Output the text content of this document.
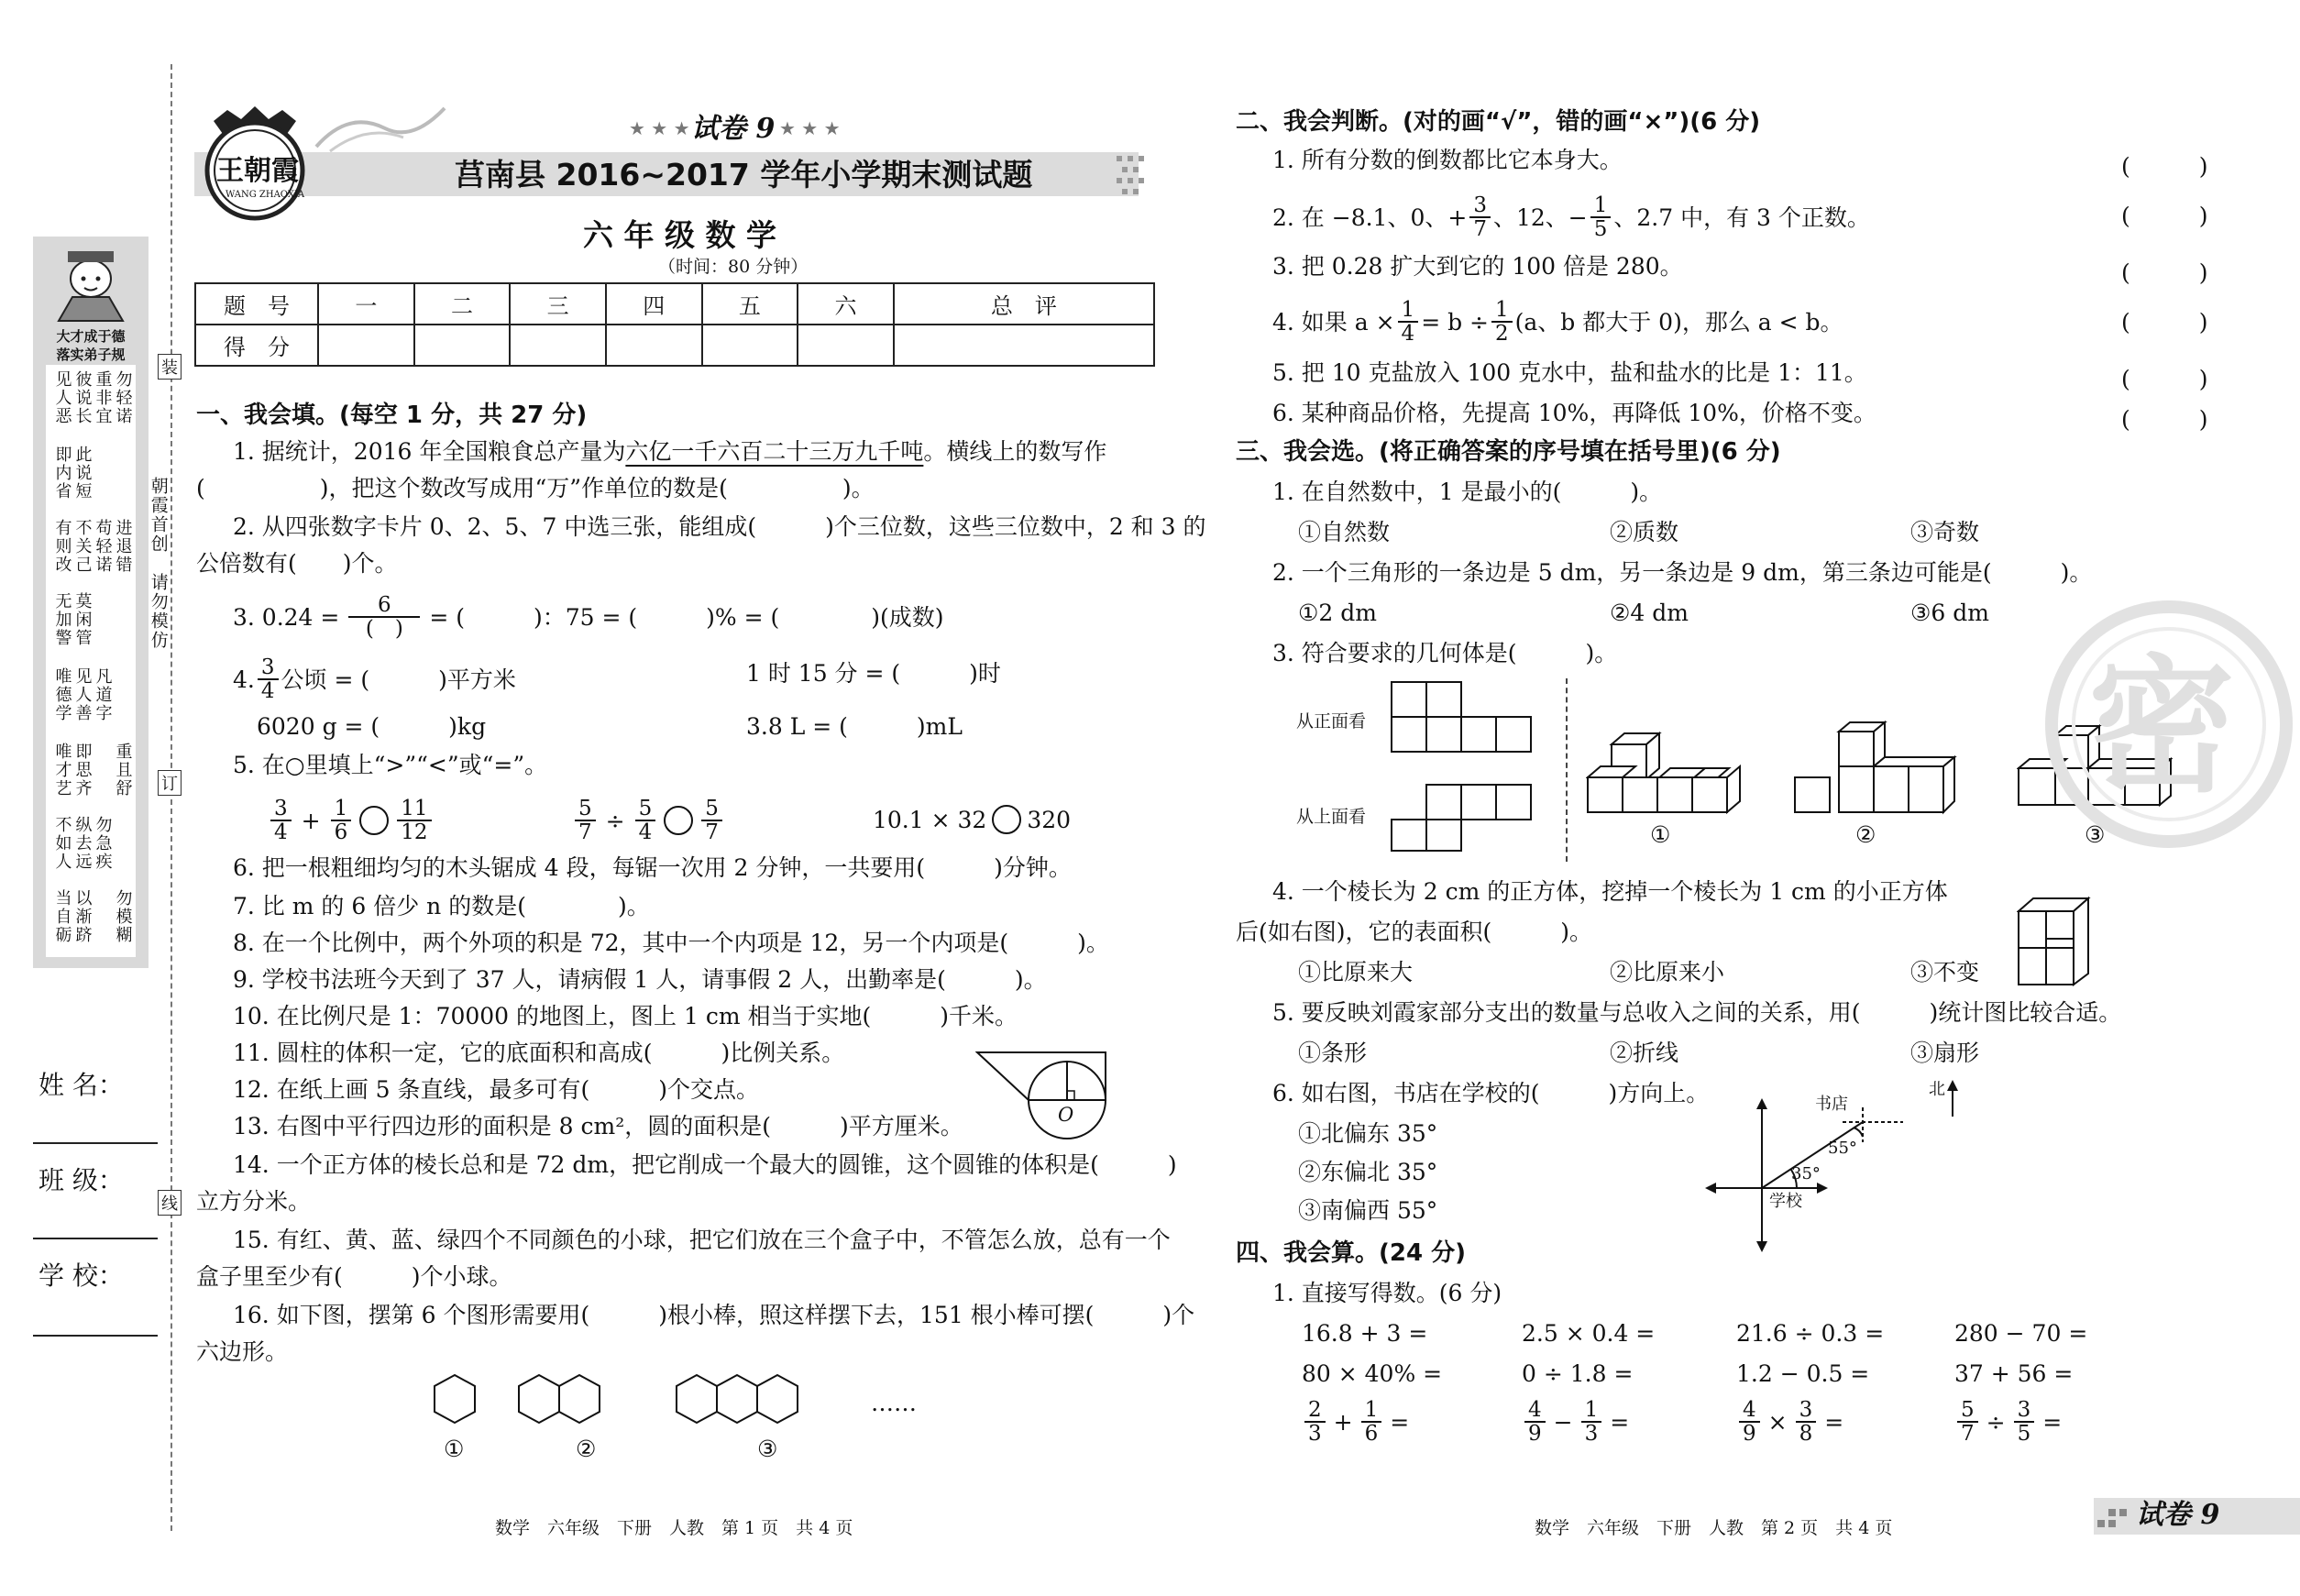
装
订
线
朝霞首创
请勿模仿
大才成于德
落实弟子规
见人恶 彼说长
即内省 此说短
有则改 不关己
无加警 莫闲管
唯德学 见人善
唯才艺 即思齐
不如人 纵去远
当自砺 以渐跻
重非宜 勿轻诺
苟轻诺 进退错
凡道字
重且舒
勿急疾
勿模糊
姓 名：
班 级：
学 校：
王朝霞
WANG ZHAOXIA
★ ★ ★ 试卷 9 ★ ★ ★
莒南县 2016~2017 学年小学期末测试题
六 年 级 数 学
（时间：80 分钟）
题　号	一	二	三	四	五	六	总　评
得　分							
一、我会填。(每空 1 分，共 27 分)
1. 据统计，2016 年全国粮食总产量为六亿一千六百二十三万九千吨。横线上的数写作
(　　　　　)，把这个数改写成用“万”作单位的数是(　　　　　)。
2. 从四张数字卡片 0、2、5、7 中选三张，能组成(　　　)个三位数，这些三位数中，2 和 3 的
公倍数有(　　)个。
3. $0.24 = \frac{6}{( )}$ = (　　　)：75 = (　　　)% = (　　　　)(成数)
4. $\frac{3}{4}$ 公顷 = (　　　)平方米	1 时 15 分 = (　　　)时
6020 g = (　　　)kg	3.8 L = (　　　)mL
5. 在○里填上“>”“<”或“=”。
$\frac{3}{4} + \frac{1}{6} \frac{11}{12}$	$\frac{5}{7} \div \frac{5}{4} \frac{5}{7}$	10.1 × 32 320
6. 把一根粗细均匀的木头锯成 4 段，每锯一次用 2 分钟，一共要用(　　　)分钟。
7. 比 m 的 6 倍少 n 的数是(　　　　)。
8. 在一个比例中，两个外项的积是 72，其中一个内项是 12，另一个内项是(　　　)。
9. 学校书法班今天到了 37 人，请病假 1 人，请事假 2 人，出勤率是(　　　)。
10. 在比例尺是 1：70000 的地图上，图上 1 cm 相当于实地(　　　)千米。
11. 圆柱的体积一定，它的底面积和高成(　　　)比例关系。
12. 在纸上画 5 条直线，最多可有(　　　)个交点。
13. 右图中平行四边形的面积是 8 cm²，圆的面积是(　　　)平方厘米。	O
14. 一个正方体的棱长总和是 72 dm，把它削成一个最大的圆锥，这个圆锥的体积是(　　　)
立方分米。
15. 有红、黄、蓝、绿四个不同颜色的小球，把它们放在三个盒子中，不管怎么放，总有一个
盒子里至少有(　　　)个小球。
16. 如下图，摆第 6 个图形需要用(　　　)根小棒，照这样摆下去，151 根小棒可摆(　　　)个
六边形。
①	②	③
……
数学　六年级　下册　人教　第 1 页　共 4 页
二、我会判断。(对的画“√”，错的画“×”)(6 分)
1. 所有分数的倒数都比它本身大。
2. 在 −8.1、0、+ $\frac{3}{7}$ 、12、− $\frac{1}{5}$ 、2.7 中，有 3 个正数。
3. 把 0.28 扩大到它的 100 倍是 280。
4. 如果 $a \times \frac{1}{4} = b \div \frac{1}{2} (a$、b 都大于 0)，那么 a < b。
5. 把 10 克盐放入 100 克水中，盐和盐水的比是 1：11。
6. 某种商品价格，先提高 10%，再降低 10%，价格不变。
(　　　)
(　　　)
(　　　)
(　　　)
(　　　)
(　　　)
三、我会选。(将正确答案的序号填在括号里)(6 分)
1. 在自然数中，1 是最小的(　　　)。
①自然数	②质数	③奇数
2. 一个三角形的一条边是 5 dm，另一条边是 9 dm，第三条边可能是(　　　)。
①2 dm	②4 dm	③6 dm
3. 符合要求的几何体是(　　　)。
从正面看
从上面看
①	②	③
4. 一个棱长为 2 cm 的正方体，挖掉一个棱长为 1 cm 的小正方体
后(如右图)，它的表面积(　　　)。
①比原来大	②比原来小	③不变
5. 要反映刘霞家部分支出的数量与总收入之间的关系，用(　　　)统计图比较合适。
①条形	②折线	③扇形
6. 如右图，书店在学校的(　　　)方向上。
①北偏东 35°
②东偏北 35°
③南偏西 55°
北
书店
学校
55°
35°
四、我会算。(24 分)
1. 直接写得数。(6 分)
16.8 + 3 =	2.5 × 0.4 =	21.6 ÷ 0.3 =	280 − 70 =
80 × 40% =	0 ÷ 1.8 =	1.2 − 0.5 =	37 + 56 =
$\frac{2}{3} + \frac{1}{6}$ =	$\frac{4}{9} - \frac{1}{3}$ =	$\frac{4}{9} \times \frac{3}{8}$ =	$\frac{5}{7} \div \frac{3}{5}$ =
密
数学　六年级　下册　人教　第 2 页　共 4 页	试卷 9
